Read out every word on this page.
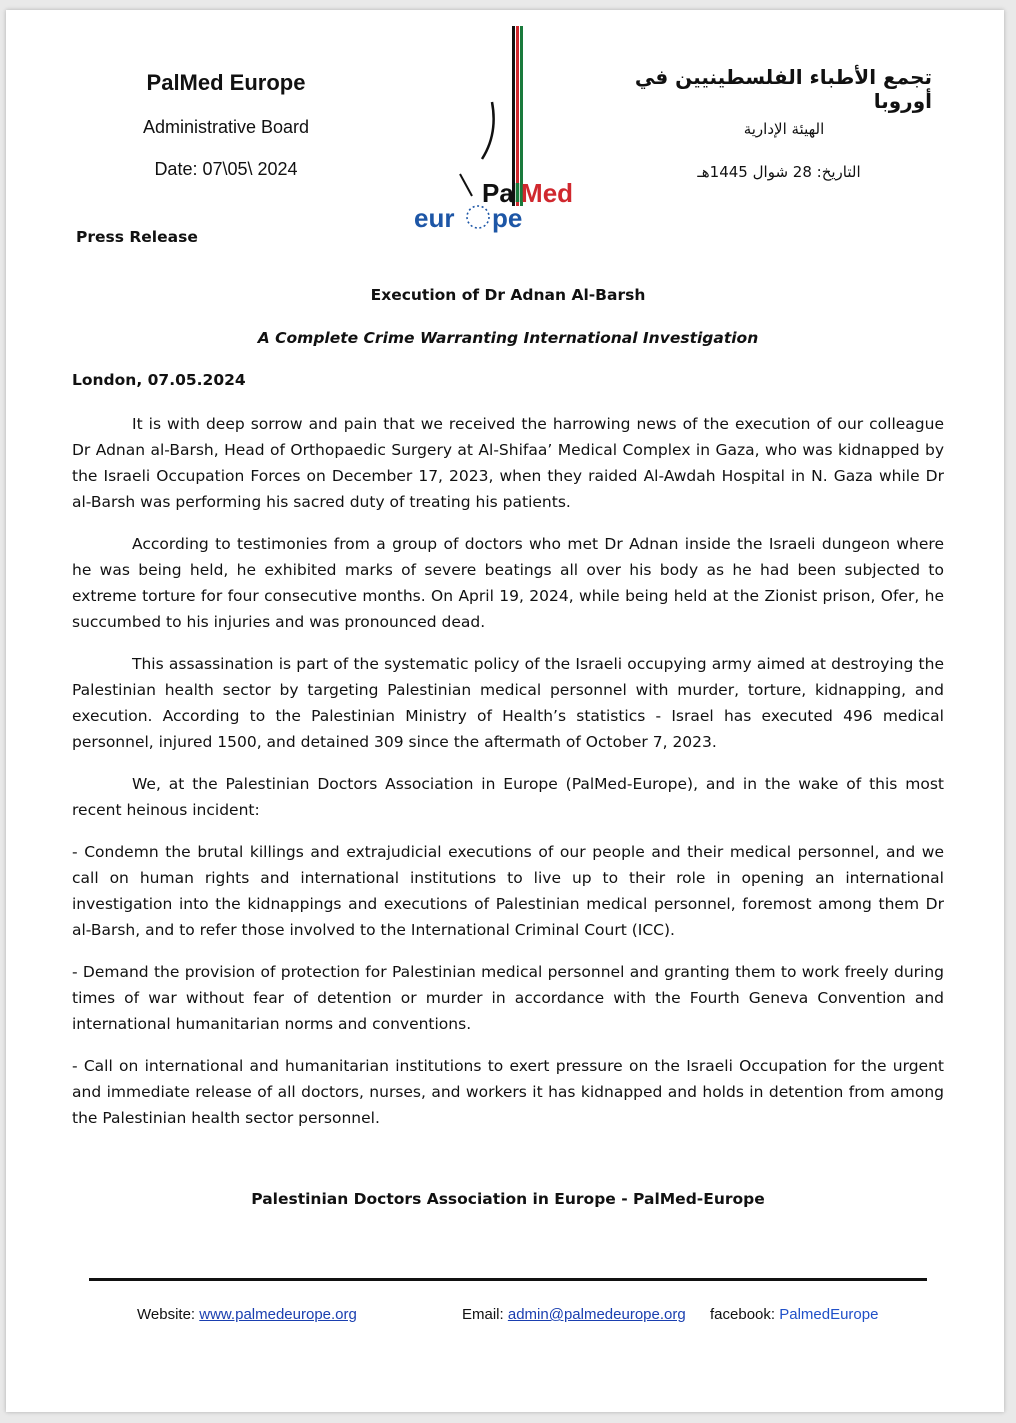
PalMed Europe
Administrative Board
Date: 07\05\ 2024
تجمع الأطباء الفلسطينيين في أوروبا
الهيئة الإدارية
التاريخ: 28 شوال 1445هـ
PalMed
eur pe
Press Release
Execution of Dr Adnan Al-Barsh
A Complete Crime Warranting International Investigation
London, 07.05.2024

It is with deep sorrow and pain that we received the harrowing news of the execution of our colleague Dr Adnan al-Barsh, Head of Orthopaedic Surgery at Al-Shifaa’ Medical Complex in Gaza, who was kidnapped by the Israeli Occupation Forces on December 17, 2023, when they raided Al-Awdah Hospital in N. Gaza while Dr al-Barsh was performing his sacred duty of treating his patients.

According to testimonies from a group of doctors who met Dr Adnan inside the Israeli dungeon where he was being held, he exhibited marks of severe beatings all over his body as he had been subjected to extreme torture for four consecutive months. On April 19, 2024, while being held at the Zionist prison, Ofer, he succumbed to his injuries and was pronounced dead.

This assassination is part of the systematic policy of the Israeli occupying army aimed at destroying the Palestinian health sector by targeting Palestinian medical personnel with murder, torture, kidnapping, and execution. According to the Palestinian Ministry of Health’s statistics - Israel has executed 496 medical personnel, injured 1500, and detained 309 since the aftermath of October 7, 2023.

We, at the Palestinian Doctors Association in Europe (PalMed-Europe), and in the wake of this most recent heinous incident:

- Condemn the brutal killings and extrajudicial executions of our people and their medical personnel, and we call on human rights and international institutions to live up to their role in opening an international investigation into the kidnappings and executions of Palestinian medical personnel, foremost among them Dr al-Barsh, and to refer those involved to the International Criminal Court (ICC).

- Demand the provision of protection for Palestinian medical personnel and granting them to work freely during times of war without fear of detention or murder in accordance with the Fourth Geneva Convention and international humanitarian norms and conventions.

- Call on international and humanitarian institutions to exert pressure on the Israeli Occupation for the urgent and immediate release of all doctors, nurses, and workers it has kidnapped and holds in detention from among the Palestinian health sector personnel.

Palestinian Doctors Association in Europe - PalMed-Europe
Website: www.palmedeurope.org	Email: admin@palmedeurope.org facebook: PalmedEurope
